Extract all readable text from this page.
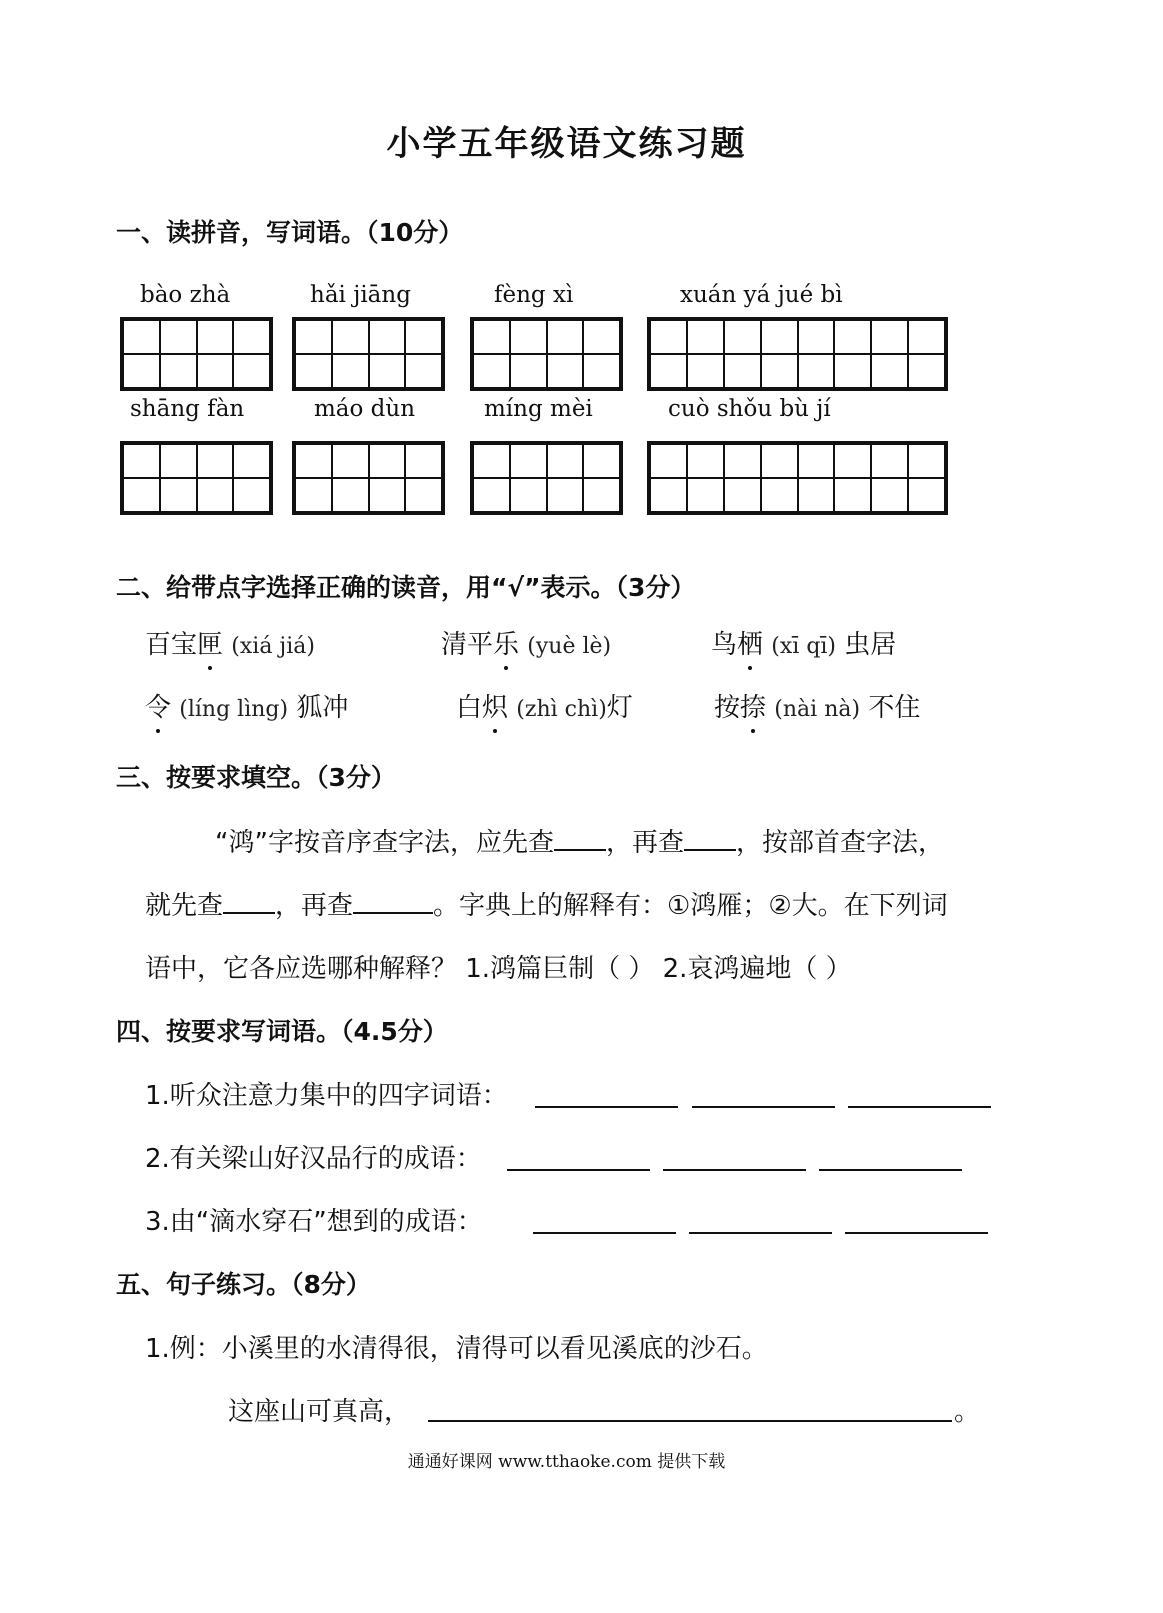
小学五年级语文练习题
一、读拼音，写词语。（10分）
bào zhà	hǎi jiāng	fèng xì	xuán yá jué bì
shāng fàn	máo dùn	míng mèi	cuò shǒu bù jí
二、给带点字选择正确的读音，用“√”表示。（3分）
百宝匣 (xiá jiá)	清平乐 (yuè lè)	鸟栖 (xī qī) 虫居
令 (líng lìng) 狐冲	白炽 (zhì chì)灯	按捺 (nài nà) 不住
三、按要求填空。（3分）
“鸿”字按音序查字法，应先查 ，再查 ，按部首查字法，
就先查 ，再查	。字典上的解释有：①鸿雁；②大。在下列词
语中，它各应选哪种解释？ 1.鸿篇巨制（ ） 2.哀鸿遍地（ ）
四、按要求写词语。（4.5分）
1.听众注意力集中的四字词语：
2.有关梁山好汉品行的成语：
3.由“滴水穿石”想到的成语：
五、句子练习。（8分）
1.例：小溪里的水清得很，清得可以看见溪底的沙石。
这座山可真高，	。
通通好课网 www.tthaoke.com 提供下载
